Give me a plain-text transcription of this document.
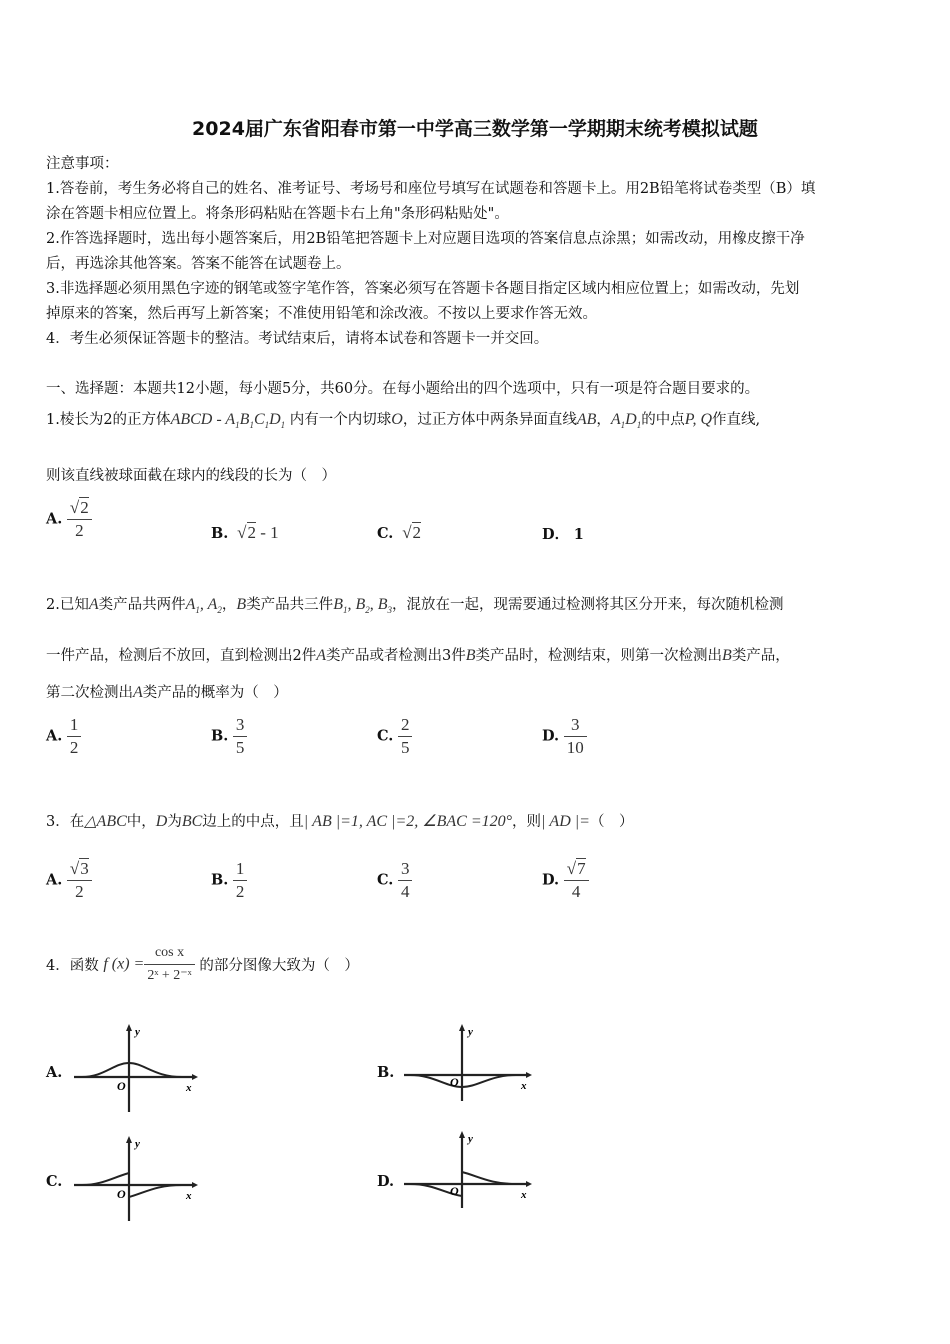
2024届广东省阳春市第一中学高三数学第一学期期末统考模拟试题
注意事项：
1.答卷前，考生务必将自己的姓名、准考证号、考场号和座位号填写在试题卷和答题卡上。用2B铅笔将试卷类型（B）填
涂在答题卡相应位置上。将条形码粘贴在答题卡右上角"条形码粘贴处"。
2.作答选择题时，选出每小题答案后，用2B铅笔把答题卡上对应题目选项的答案信息点涂黑；如需改动，用橡皮擦干净
后，再选涂其他答案。答案不能答在试题卷上。
3.非选择题必须用黑色字迹的钢笔或签字笔作答，答案必须写在答题卡各题目指定区域内相应位置上；如需改动，先划
掉原来的答案，然后再写上新答案；不准使用铅笔和涂改液。不按以上要求作答无效。
4．考生必须保证答题卡的整洁。考试结束后，请将本试卷和答题卡一并交回。
一、选择题：本题共12小题，每小题5分，共60分。在每小题给出的四个选项中，只有一项是符合题目要求的。
1.棱长为2的正方体ABCD - $A_1B_1C_1D_1$ 内有一个内切球O，过正方体中两条异面直线AB，$A_1D_1$的中点P, Q作直线,
则该直线被球面截在球内的线段的长为（　）
A. $\frac{√2}{2}$	B.  √2 - 1	C.  √2	D． 1
2.已知A类产品共两件$A_1$, $A_2$，B类产品共三件$B_1$, $B_2$, $B_3$，混放在一起，现需要通过检测将其区分开来，每次随机检测
一件产品，检测后不放回，直到检测出2件A类产品或者检测出3件B类产品时，检测结束，则第一次检测出B类产品，
第二次检测出A类产品的概率为（　）
A. $\frac{1}{2}$	B. $\frac{3}{5}$	C. $\frac{2}{5}$	D. $\frac{3}{10}$
3．在△ABC中，D为BC边上的中点，且| AB |=1, AC |=2, ∠BAC =120°，则| AD |=（　）
A. $\frac{√3}{2}$	B. $\frac{1}{2}$	C. $\frac{3}{4}$	D. $\frac{√7}{4}$
4．函数 f $(x) = \frac{\text{cos x}}{\text{2ˣ + 2⁻ˣ}}$ 的部分图像大致为（　）
A.
y
x
O
B.
y
x
O
C.
y
x
O
D.
y
x
O
